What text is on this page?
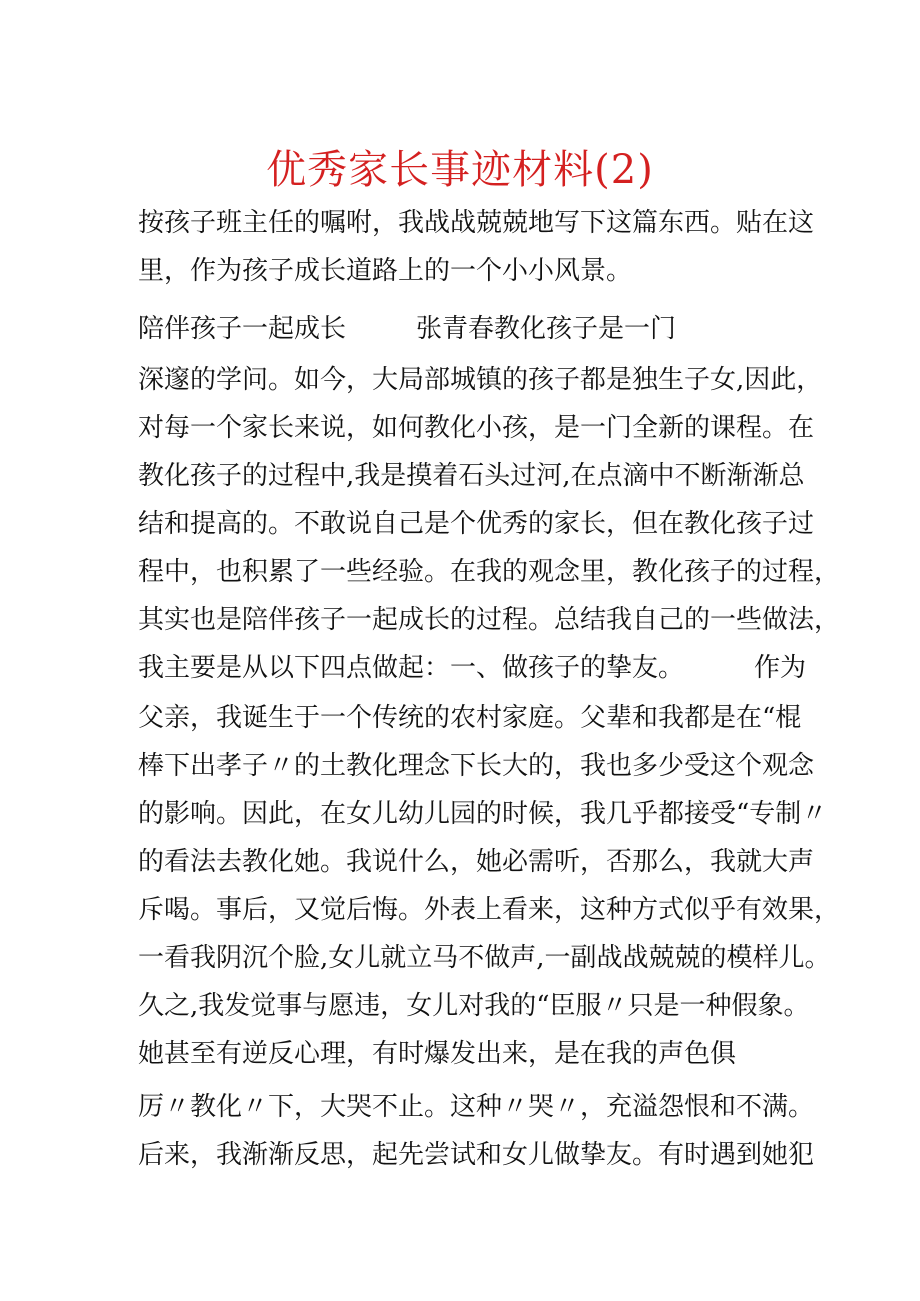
优秀家长事迹材料(2)
按孩子班主任的嘱咐，我战战兢兢地写下这篇东西。贴在这
里，作为孩子成长道路上的一个小小风景。
陪伴孩子一起成长	张青春教化孩子是一门
深邃的学问。如今，大局部城镇的孩子都是独生子女,因此，
对每一个家长来说，如何教化小孩，是一门全新的课程。在
教化孩子的过程中,我是摸着石头过河,在点滴中不断渐渐总
结和提高的。不敢说自己是个优秀的家长，但在教化孩子过
程中，也积累了一些经验。在我的观念里，教化孩子的过程，
其实也是陪伴孩子一起成长的过程。总结我自己的一些做法，
我主要是从以下四点做起：一、做孩子的挚友。	作为
父亲，我诞生于一个传统的农村家庭。父辈和我都是在“棍
棒下出孝子〃的土教化理念下长大的，我也多少受这个观念
的影响。因此，在女儿幼儿园的时候，我几乎都接受“专制〃
的看法去教化她。我说什么，她必需听，否那么，我就大声
斥喝。事后，又觉后悔。外表上看来，这种方式似乎有效果，
一看我阴沉个脸,女儿就立马不做声,一副战战兢兢的模样儿。
久之,我发觉事与愿违，女儿对我的“臣服〃只是一种假象。
她甚至有逆反心理，有时爆发出来，是在我的声色俱
厉〃教化〃下，大哭不止。这种〃哭〃，充溢怨恨和不满。
后来，我渐渐反思，起先尝试和女儿做挚友。有时遇到她犯
